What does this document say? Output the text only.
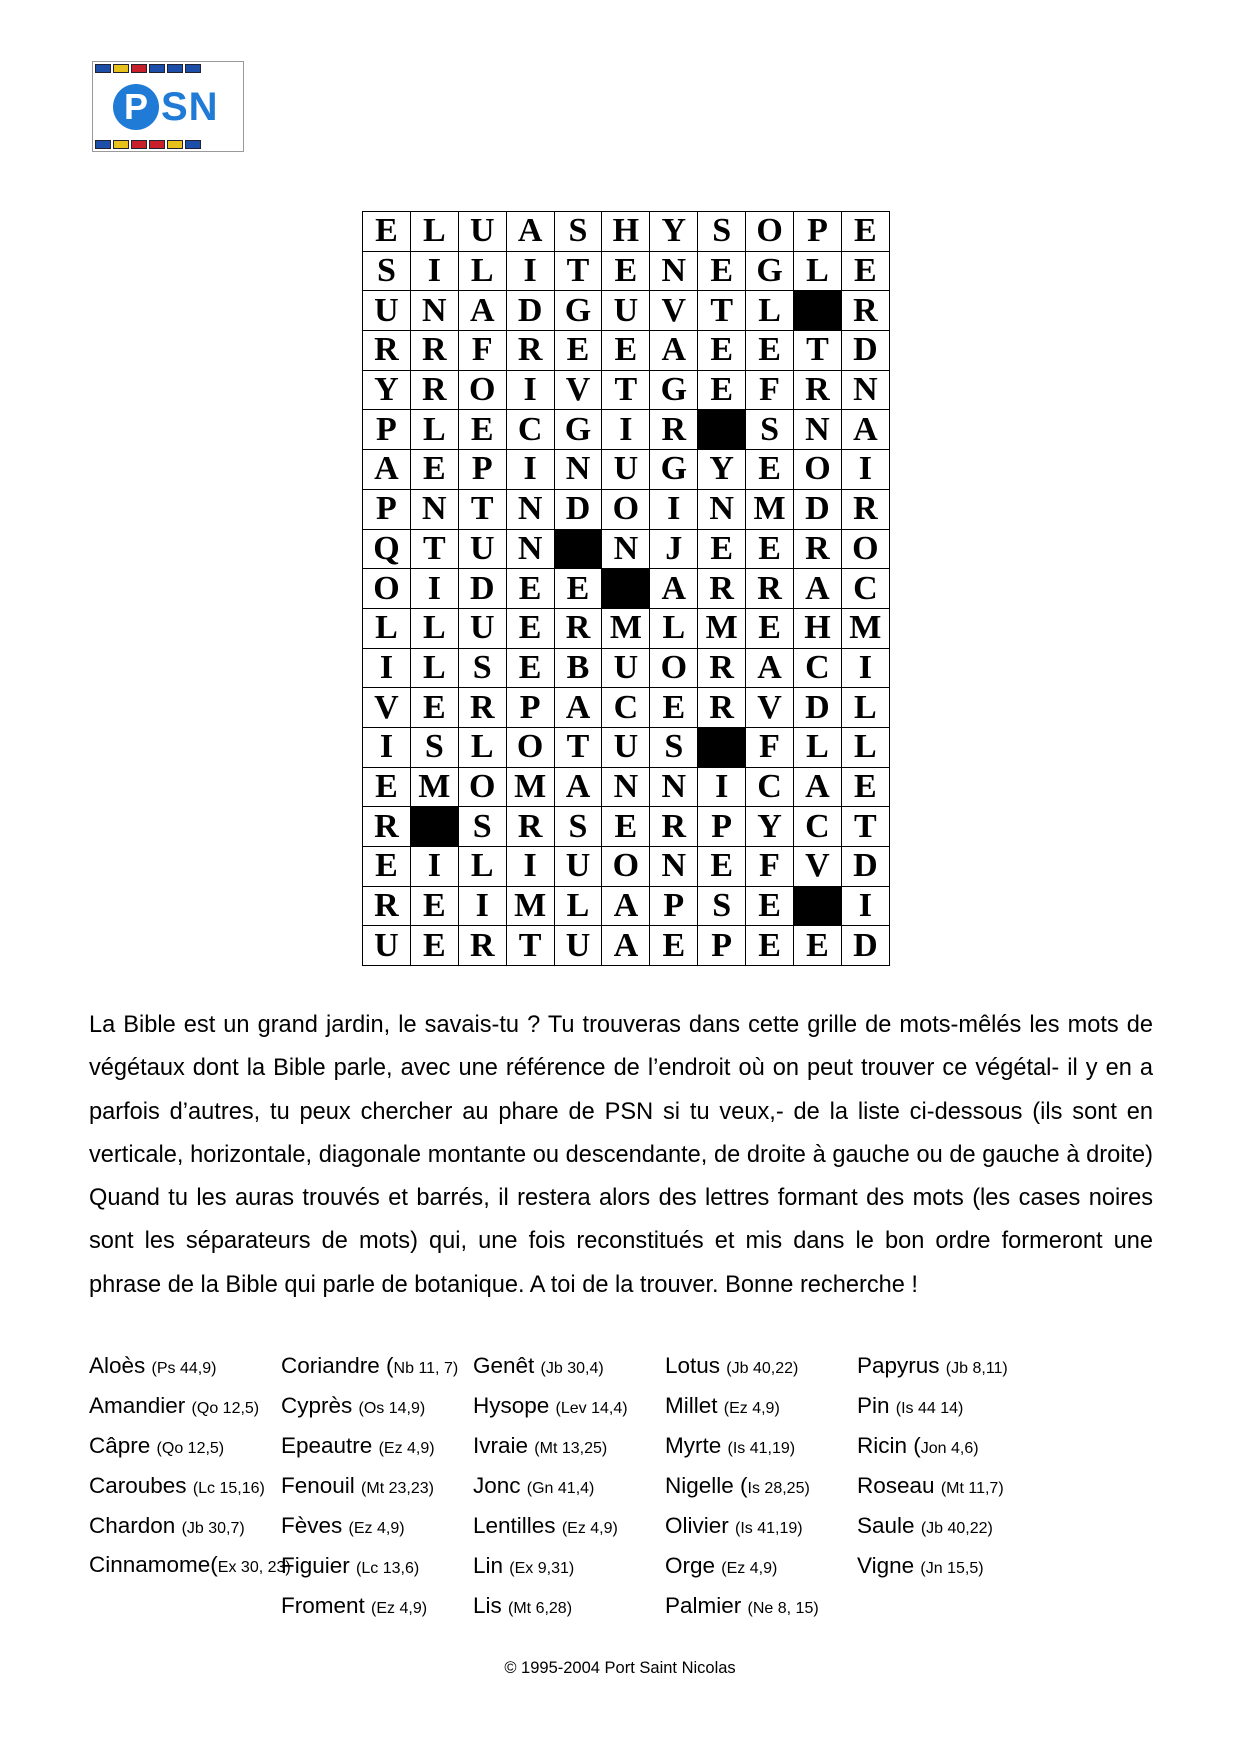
P SN
E	L	U	A	S	H	Y	S	O	P	E
S	I	L	I	T	E	N	E	G	L	E
U	N	A	D	G	U	V	T	L		R
R	R	F	R	E	E	A	E	E	T	D
Y	R	O	I	V	T	G	E	F	R	N
P	L	E	C	G	I	R		S	N	A
A	E	P	I	N	U	G	Y	E	O	I
P	N	T	N	D	O	I	N	M	D	R
Q	T	U	N		N	J	E	E	R	O
O	I	D	E	E		A	R	R	A	C
L	L	U	E	R	M	L	M	E	H	M
I	L	S	E	B	U	O	R	A	C	I
V	E	R	P	A	C	E	R	V	D	L
I	S	L	O	T	U	S		F	L	L
E	M	O	M	A	N	N	I	C	A	E
R		S	R	S	E	R	P	Y	C	T
E	I	L	I	U	O	N	E	F	V	D
R	E	I	M	L	A	P	S	E		I
U	E	R	T	U	A	E	P	E	E	D
La Bible est un grand jardin, le savais-tu ? Tu trouveras dans cette grille de mots-mêlés les mots de végétaux dont la Bible parle, avec une référence de l’endroit où on peut trouver ce végétal- il y en a parfois d’autres, tu peux chercher au phare de PSN si tu veux,- de la liste ci-dessous (ils sont en verticale, horizontale, diagonale montante ou descendante, de droite à gauche ou de gauche à droite) Quand tu les auras trouvés et barrés, il restera alors des lettres formant des mots (les cases noires sont les séparateurs de mots) qui, une fois reconstitués et mis dans le bon ordre formeront une phrase de la Bible qui parle de botanique. A toi de la trouver. Bonne recherche !
Aloès (Ps 44,9)
Amandier (Qo 12,5)
Câpre (Qo 12,5)
Caroubes (Lc 15,16)
Chardon (Jb 30,7)
Cinnamome(Ex 30, 23)
Coriandre (Nb 11, 7)
Cyprès (Os 14,9)
Epeautre (Ez 4,9)
Fenouil (Mt 23,23)
Fèves (Ez 4,9)
Figuier (Lc 13,6)
Froment (Ez 4,9)
Genêt (Jb 30,4)
Hysope (Lev 14,4)
Ivraie (Mt 13,25)
Jonc (Gn 41,4)
Lentilles (Ez 4,9)
Lin (Ex 9,31)
Lis (Mt 6,28)
Lotus (Jb 40,22)
Millet (Ez 4,9)
Myrte (Is 41,19)
Nigelle (Is 28,25)
Olivier (Is 41,19)
Orge (Ez 4,9)
Palmier (Ne 8, 15)
Papyrus (Jb 8,11)
Pin (Is 44 14)
Ricin (Jon 4,6)
Roseau (Mt 11,7)
Saule (Jb 40,22)
Vigne (Jn 15,5)
© 1995-2004 Port Saint Nicolas
